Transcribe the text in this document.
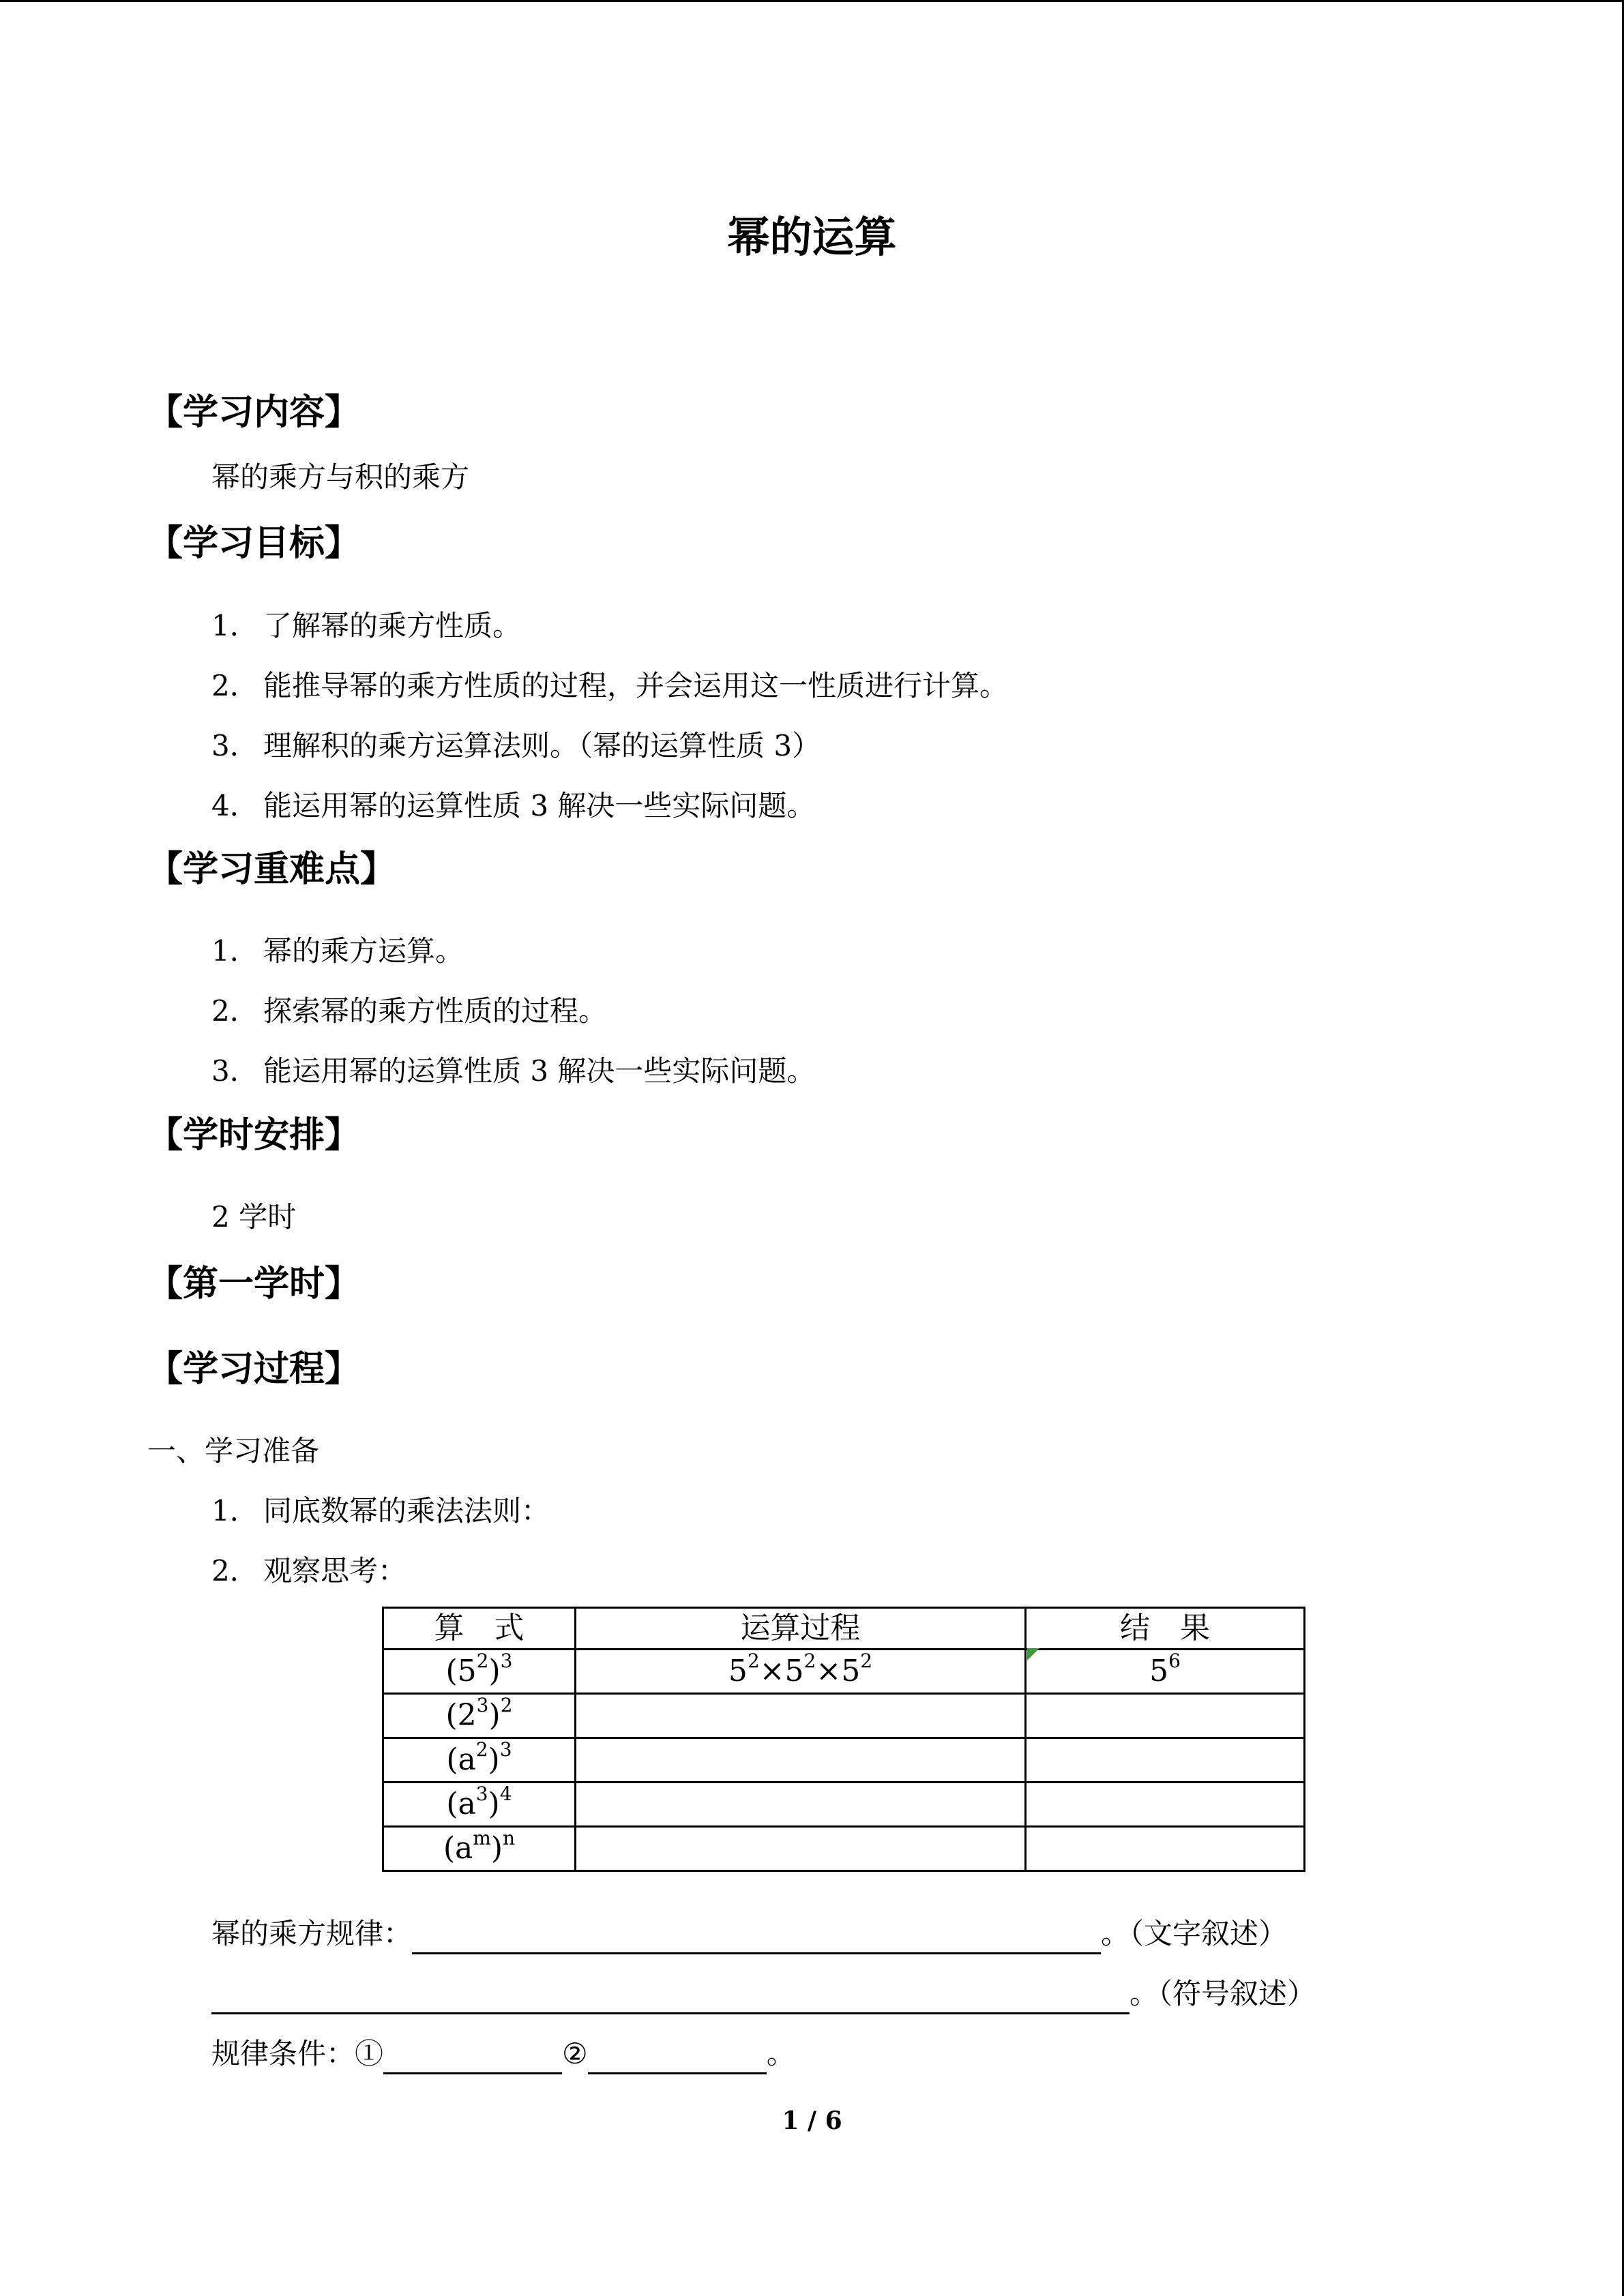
幂的运算
【学习内容】
幂的乘方与积的乘方
【学习目标】
1． 了解幂的乘方性质。
2． 能推导幂的乘方性质的过程，并会运用这一性质进行计算。
3． 理解积的乘方运算法则。（幂的运算性质 3）
4． 能运用幂的运算性质 3 解决一些实际问题。
【学习重难点】
1． 幂的乘方运算。
2． 探索幂的乘方性质的过程。
3． 能运用幂的运算性质 3 解决一些实际问题。
【学时安排】
2 学时
【第一学时】
【学习过程】
一、学习准备
1． 同底数幂的乘法法则：
2． 观察思考：
算　式	运算过程	结　果
$(5^2)^3$	$5^2\times 5^2\times 5^2$	$5^6$
$(2^3)^2$		
$(a^2)^3$		
$(a^3)^4$		
$(a^m)^n$		
幂的乘方规律：	。（文字叙述）
。（符号叙述）
规律条件：①	②	。
1 / 6
